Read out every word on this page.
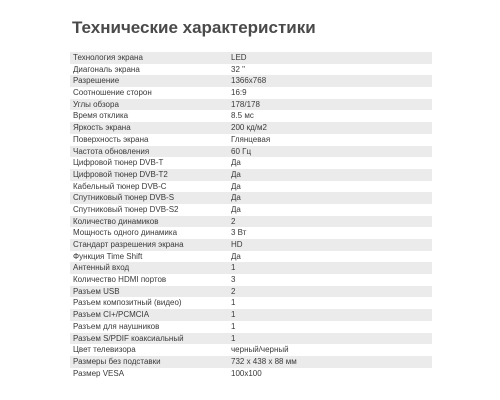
Технические характеристики
Технология экрана	LED
Диагональ экрана	32 "
Разрешение	1366x768
Соотношение сторон	16:9
Углы обзора	178/178
Время отклика	8.5 мс
Яркость экрана	200 кд/м2
Поверхность экрана	Глянцевая
Частота обновления	60 Гц
Цифровой тюнер DVB-T	Да
Цифровой тюнер DVB-T2	Да
Кабельный тюнер DVB-C	Да
Спутниковый тюнер DVB-S	Да
Спутниковый тюнер DVB-S2	Да
Количество динамиков	2
Мощность одного динамика	3 Вт
Стандарт разрешения экрана	HD
Функция Time Shift	Да
Антенный вход	1
Количество HDMI портов	3
Разъем USB	2
Разъем композитный (видео)	1
Разъем CI+/PCMCIA	1
Разъем для наушников	1
Разъем S/PDIF коаксиальный	1
Цвет телевизора	черный/черный
Размеры без подставки	732 x 438 x 88 мм
Размер VESA	100x100
